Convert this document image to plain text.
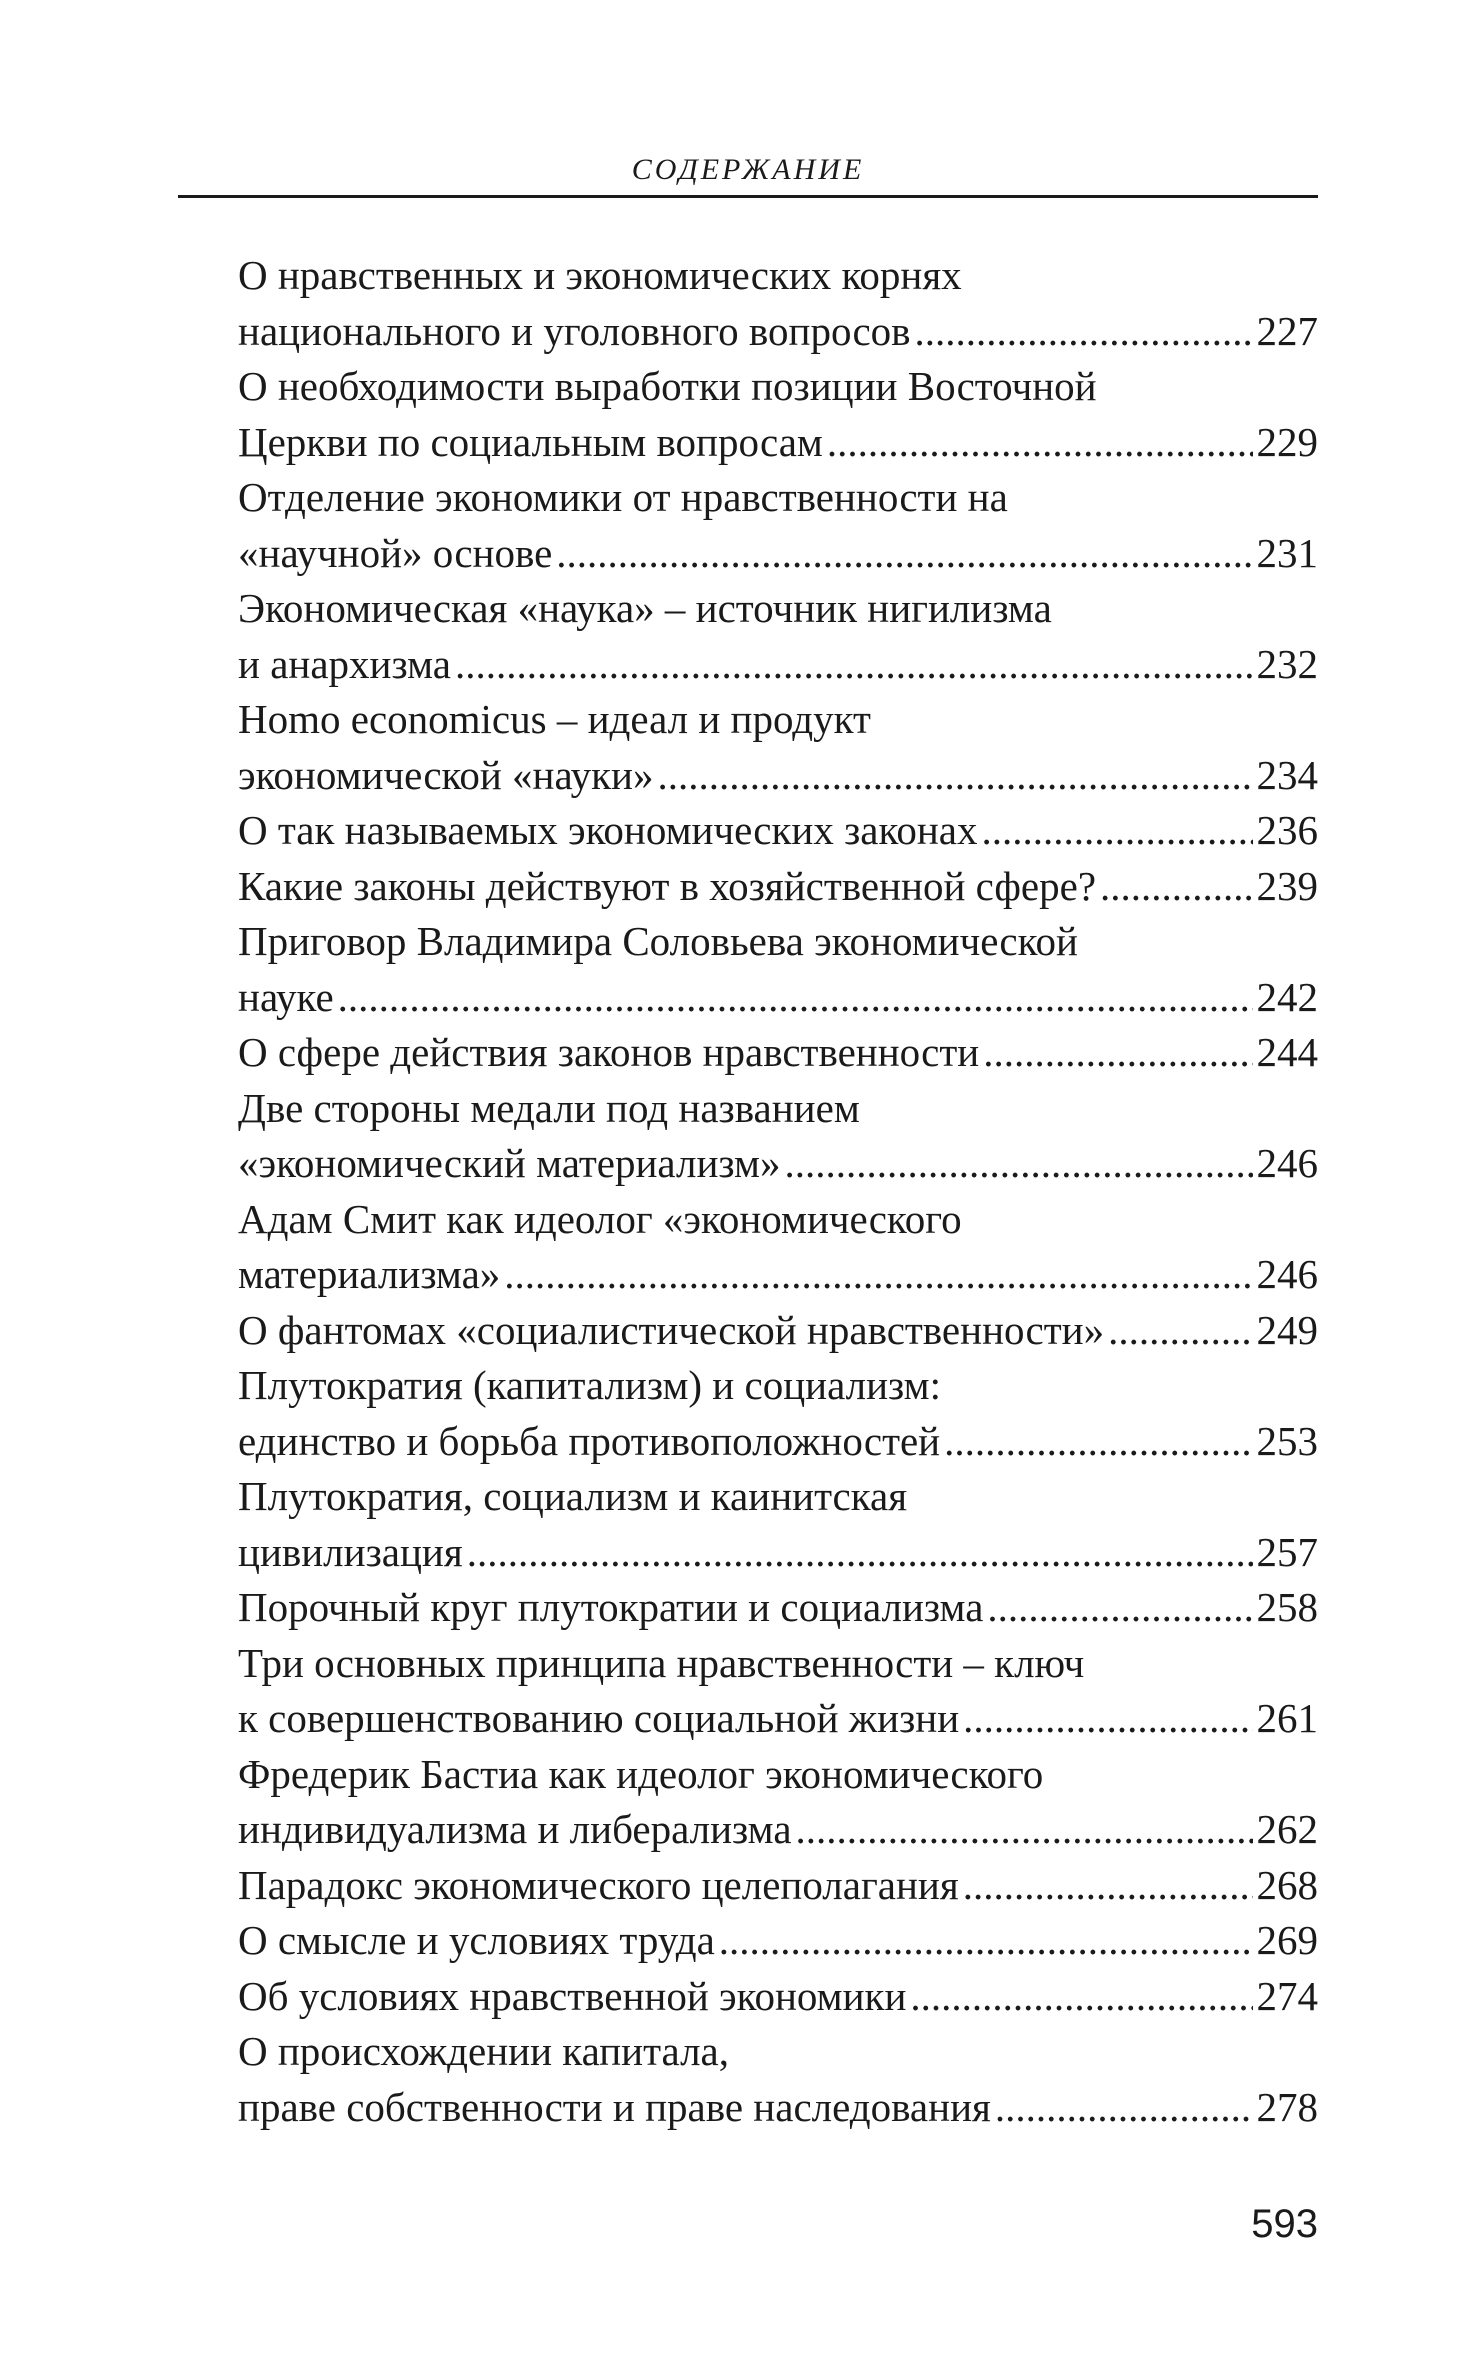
СОДЕРЖАНИЕ
О нравственных и экономических корнях
национального и уголовного вопросов .....	227
О необходимости выработки позиции Восточной
Церкви по социальным вопросам .....	229
Отделение экономики от нравственности на
«научной» основе .....	231
Экономическая «наука» – источник нигилизма
и анархизма .....	232
Homo economicus – идеал и продукт
экономической «науки» .....	234
О так называемых экономических законах .....	236
Какие законы действуют в хозяйственной сфере? .....	239
Приговор Владимира Соловьева экономической
науке .....	242
О сфере действия законов нравственности .....	244
Две стороны медали под названием
«экономический материализм» .....	246
Адам Смит как идеолог «экономического
материализма» .....	246
О фантомах «социалистической нравственности» .....	249
Плутократия (капитализм) и социализм:
единство и борьба противоположностей .....	253
Плутократия, социализм и каинитская
цивилизация .....	257
Порочный круг плутократии и социализма .....	258
Три основных принципа нравственности – ключ
к совершенствованию социальной жизни .....	261
Фредерик Бастиа как идеолог экономического
индивидуализма и либерализма .....	262
Парадокс экономического целеполагания .....	268
О смысле и условиях труда .....	269
Об условиях нравственной экономики .....	274
О происхождении капитала,
праве собственности и праве наследования .....	278
593
